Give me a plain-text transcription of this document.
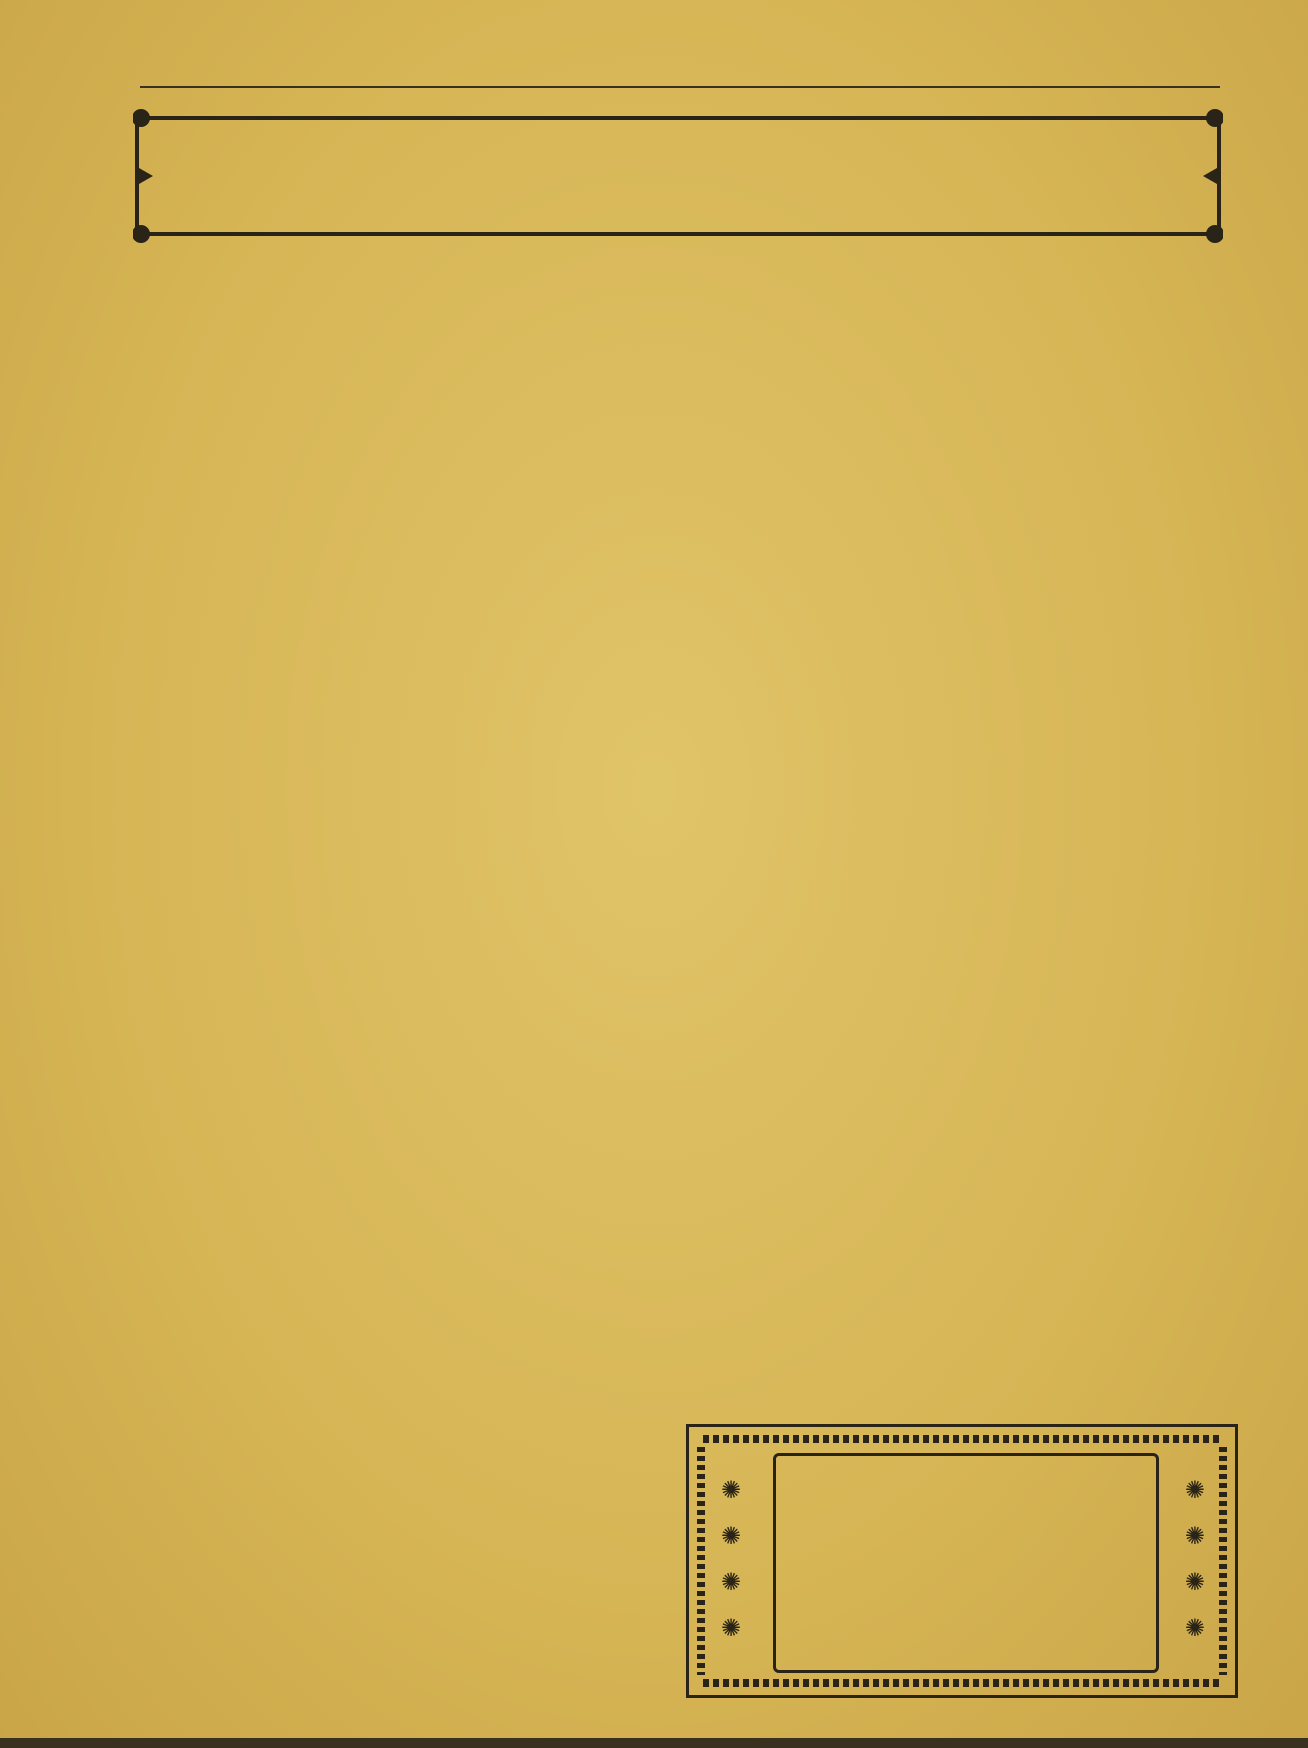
✺
✺
✺
✺
✺
✺
✺
✺
